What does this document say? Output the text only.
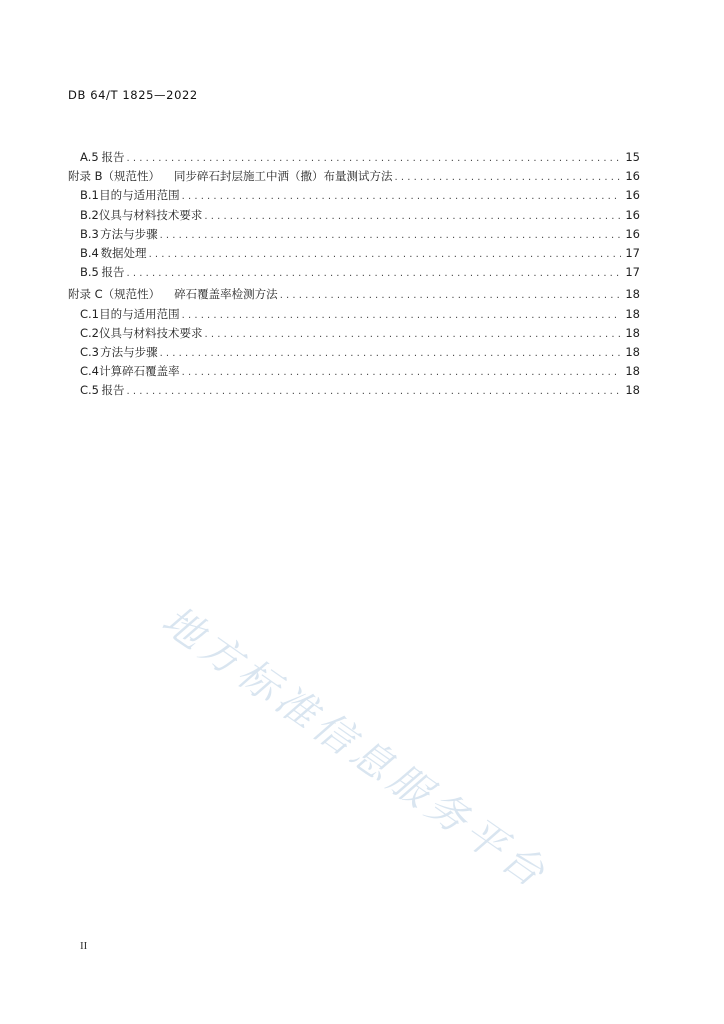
DB 64/T 1825—2022
A.5 报告 . . .	15
附录 B（规范性） 同步碎石封层施工中洒（撒）布量测试方法 . . .	16
B.1 目的与适用范围 . . .	16
B.2 仪具与材料技术要求 . . .	16
B.3 方法与步骤 . . .	16
B.4 数据处理 . . .	17
B.5 报告 . . .	17
附录 C（规范性） 碎石覆盖率检测方法 . . .	18
C.1 目的与适用范围 . . .	18
C.2 仪具与材料技术要求 . . .	18
C.3 方法与步骤 . . .	18
C.4 计算碎石覆盖率 . . .	18
C.5 报告 . . .	18
地方标准信息服务平台
II
